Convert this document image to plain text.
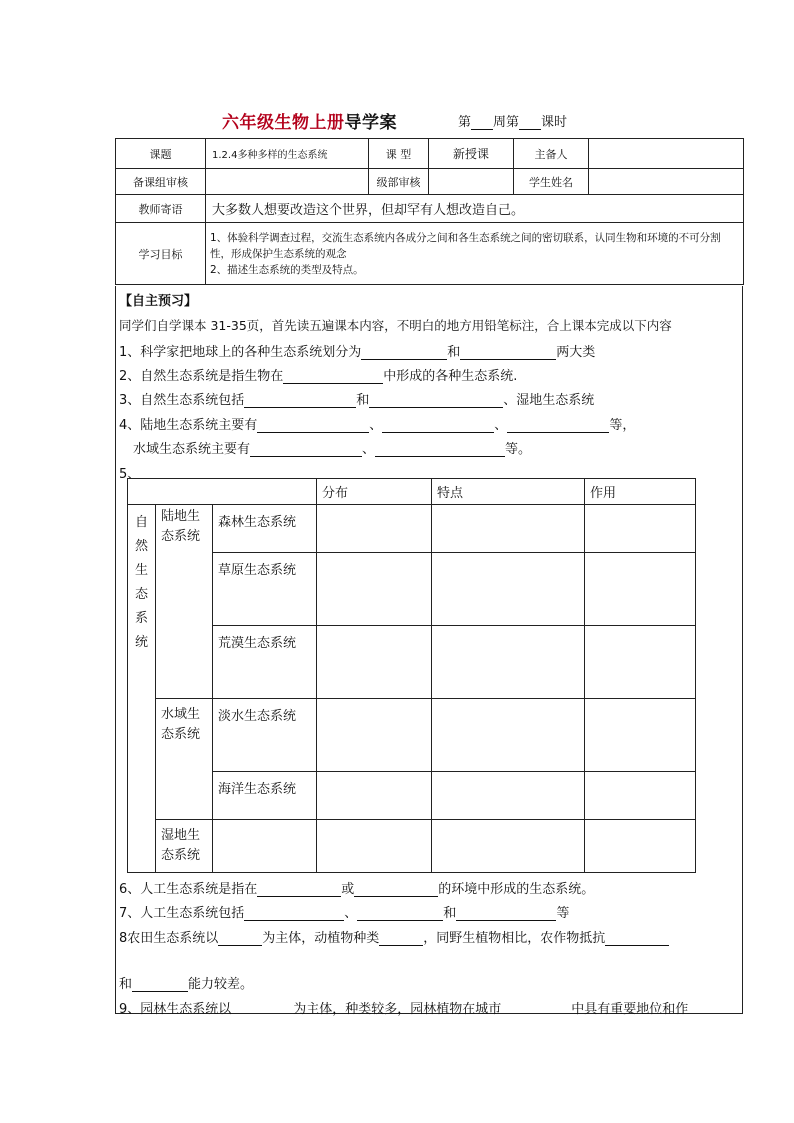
六年级生物上册导学案	第 周第 课时
课题	1.2.4多种多样的生态系统	课 型	新授课	主备人	
备课组审核		级部审核		学生姓名	
教师寄语	大多数人想要改造这个世界，但却罕有人想改造自己。				
学习目标	1、体验科学调查过程，交流生态系统内各成分之间和各生态系统之间的密切联系，认同生物和环境的不可分割性，形成保护生态系统的观念
2、描述生态系统的类型及特点。				
【自主预习】
同学们自学课本 31-35页，首先读五遍课本内容，不明白的地方用铅笔标注，合上课本完成以下内容
1、科学家把地球上的各种生态系统划分为	和	两大类
2、自然生态系统是指生物在	中形成的各种生态系统.
3、自然生态系统包括	和	、湿地生态系统
4、陆地生态系统主要有	、	、	等，
水域生态系统主要有	、	等。
5、
6、人工生态系统是指在	或	的环境中形成的生态系统。
7、人工生态系统包括	、	和	等
8农田生态系统以	为主体，动植物种类	，同野生植物相比，农作物抵抗
和	能力较差。
9、园林生态系统以	为主体，种类较多，园林植物在城市	中具有重要地位和作
			分布	特点	作用

自然生态系统	陆地生态系统	森林生态系统			
		草原生态系统			
		荒漠生态系统			
	水域生态系统	淡水生态系统			
		海洋生态系统			
	湿地生态系统				
